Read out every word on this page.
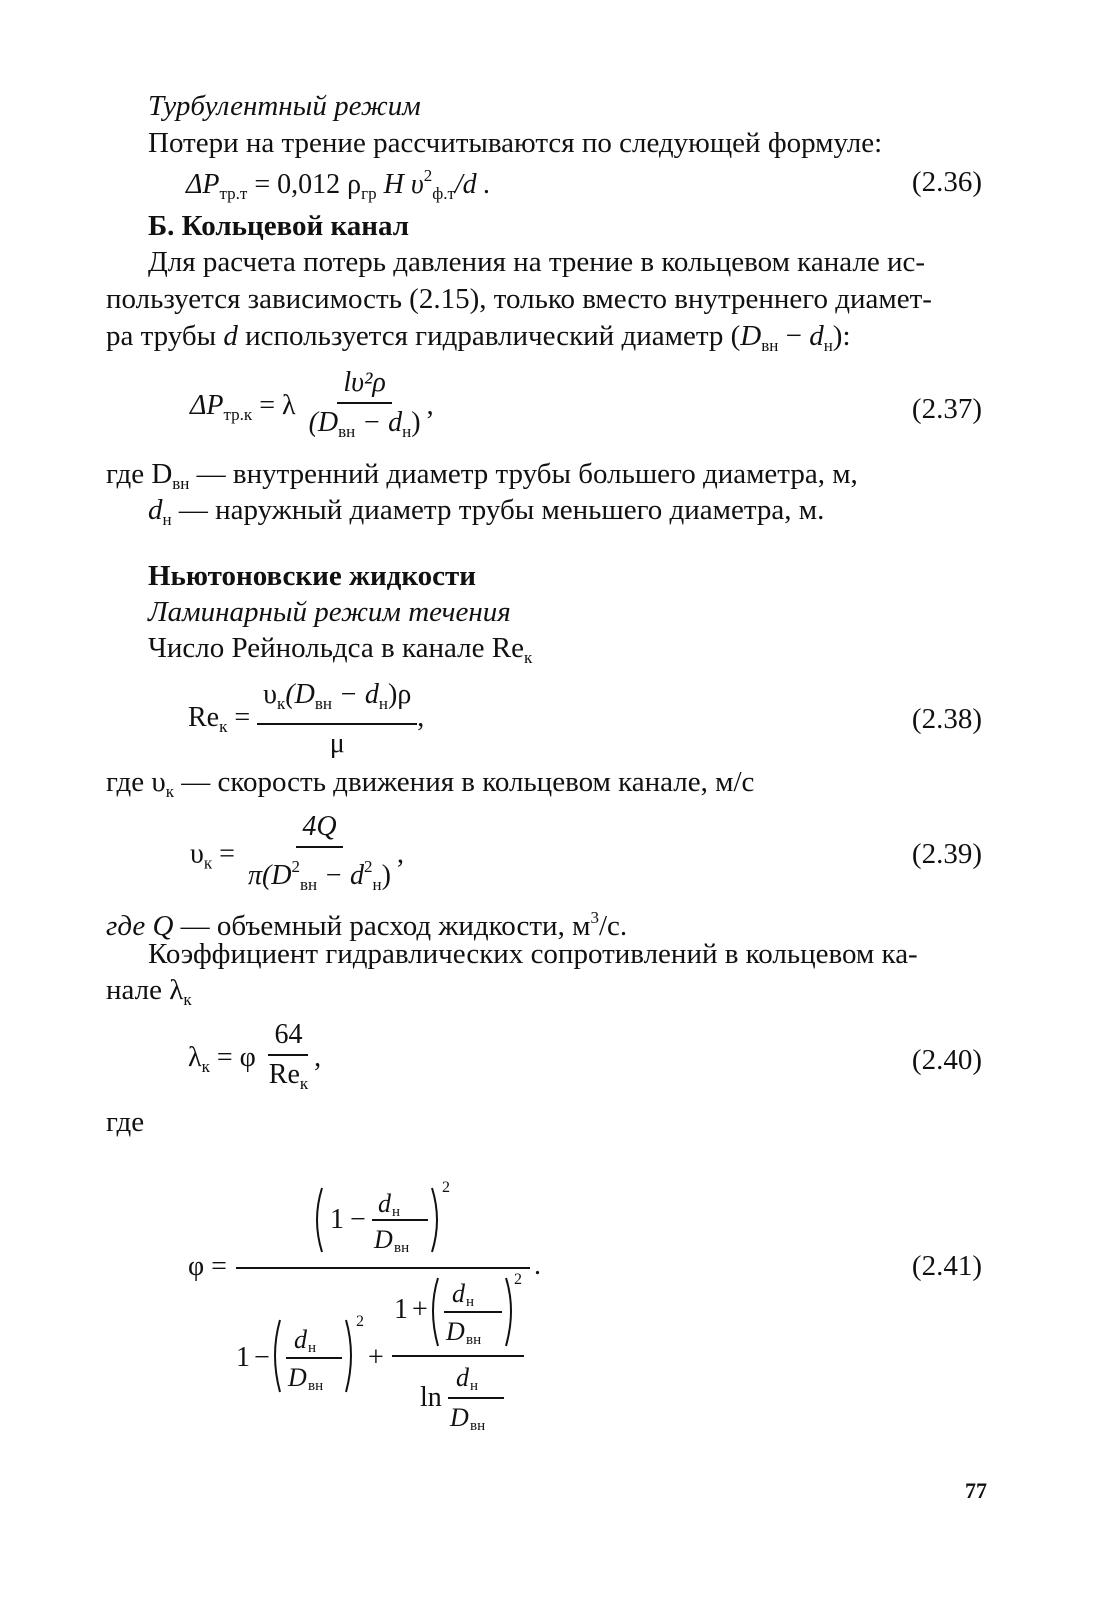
Турбулентный режим
Потери на трение рассчитываются по следующей формуле:
$\Delta P_{тр.т} = 0,012$ $\rho_{гр}$ H $\upsilon^2_{ф.т}/d$ .	(2.36)
Б. Кольцевой канал
Для расчета потерь давления на трение в кольцевом канале ис-
пользуется зависимость (2.15), только вместо внутреннего диамет-
ра трубы d используется гидравлический диаметр $(D_{вн} - d_н)$:
$\Delta P_{тр.к} = \lambda \frac{\text{lυ²ρ}}{(D_{вн} - d_н)}$ ,	(2.37)
где $D_{вн}$ — внутренний диаметр трубы большего диаметра, м,
$d_н$ — наружный диаметр трубы меньшего диаметра, м.
Ньютоновские жидкости
Ламинарный режим течения
Число Рейнольдса в канале $Re_к$
$Re_к = \frac{\upsilon_к(D_{вн} - d_н)\rho}{\mu}$ ,	(2.38)
где $\upsilon_к$ — скорость движения в кольцевом канале, м/с
$\upsilon_к = \frac{4Q}{\pi(D^2_{вн} - d^2_н)}$ ,	(2.39)
где Q — объемный расход жидкости, $м^3/с$.
Коэффициент гидравлических сопротивлений в кольцевом ка-
нале $\lambda_к$
$\lambda_к = \varphi \frac{64}{Re_к}$ ,	(2.40)
где
φ =
1 −
d н
D вн
2
.
1 −
d н
D вн
2
+
1 +
d н
D вн
2
ln
d н
D вн
(2.41)
77
